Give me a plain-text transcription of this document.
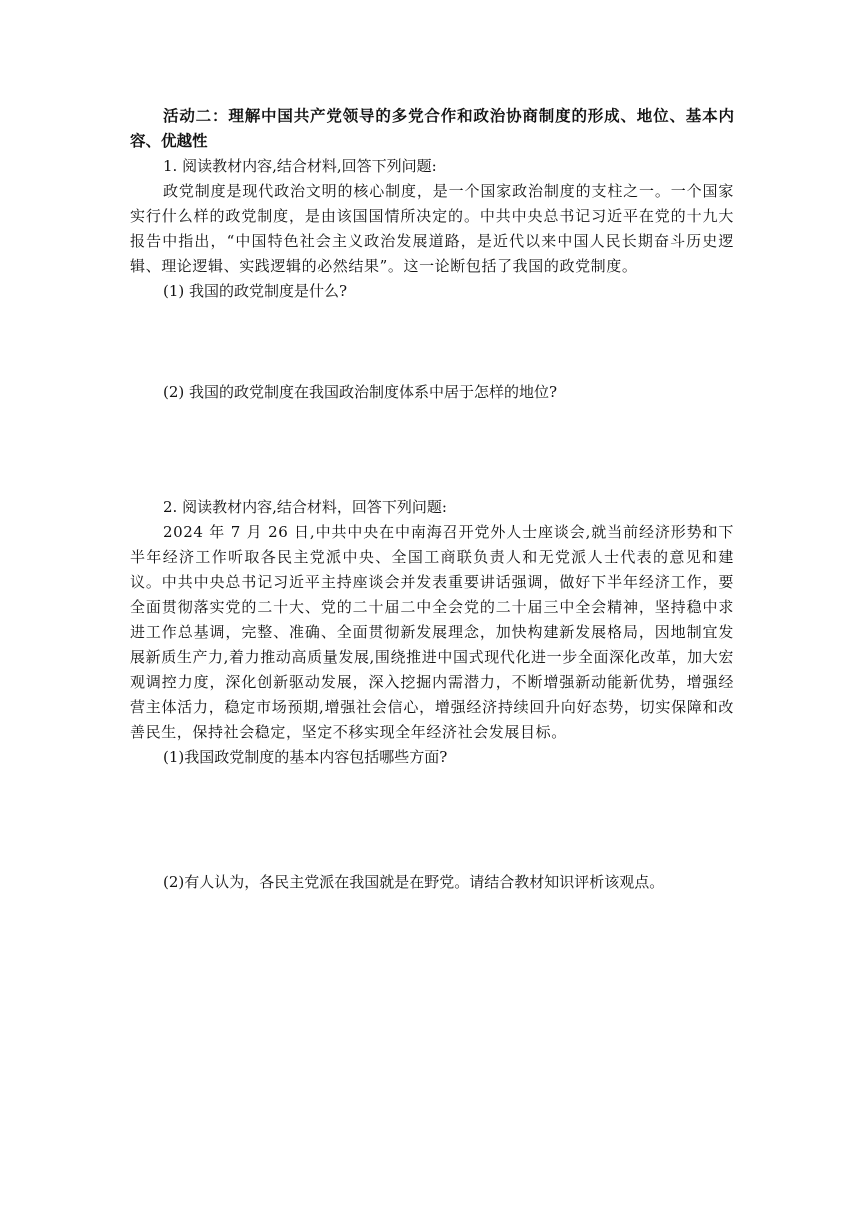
活动二：理解中国共产党领导的多党合作和政治协商制度的形成、地位、基本内容、优越性

1. 阅读教材内容,结合材料,回答下列问题:

政党制度是现代政治文明的核心制度，是一个国家政治制度的支柱之一。一个国家实行什么样的政党制度，是由该国国情所决定的。中共中央总书记习近平在党的十九大报告中指出，“中国特色社会主义政治发展道路，是近代以来中国人民长期奋斗历史逻辑、理论逻辑、实践逻辑的必然结果”。这一论断包括了我国的政党制度。

(1) 我国的政党制度是什么?

(2) 我国的政党制度在我国政治制度体系中居于怎样的地位?

2. 阅读教材内容,结合材料，回答下列问题:

2024 年 7 月 26 日,中共中央在中南海召开党外人士座谈会,就当前经济形势和下半年经济工作听取各民主党派中央、全国工商联负责人和无党派人士代表的意见和建议。中共中央总书记习近平主持座谈会并发表重要讲话强调，做好下半年经济工作，要全面贯彻落实党的二十大、党的二十届二中全会党的二十届三中全会精神，坚持稳中求进工作总基调，完整、准确、全面贯彻新发展理念，加快构建新发展格局，因地制宜发展新质生产力,着力推动高质量发展,围绕推进中国式现代化进一步全面深化改革，加大宏观调控力度，深化创新驱动发展，深入挖掘内需潜力，不断增强新动能新优势，增强经营主体活力，稳定市场预期,增强社会信心，增强经济持续回升向好态势，切实保障和改善民生，保持社会稳定，坚定不移实现全年经济社会发展目标。

(1)我国政党制度的基本内容包括哪些方面?

(2)有人认为，各民主党派在我国就是在野党。请结合教材知识评析该观点。
